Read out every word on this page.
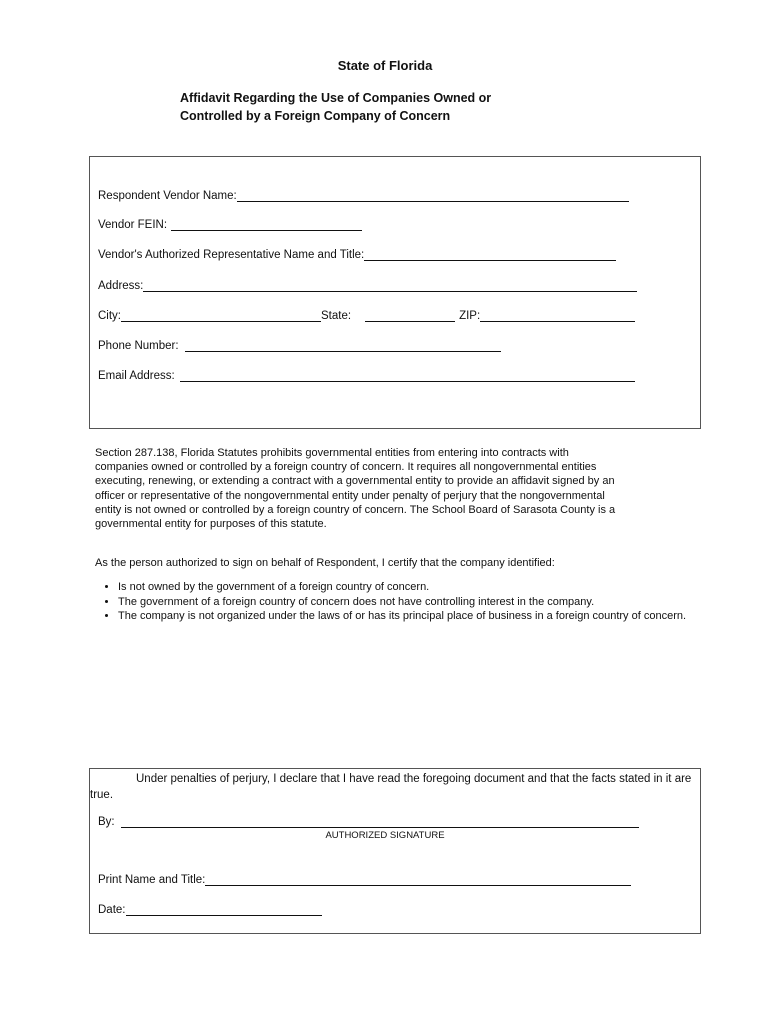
State of Florida
Affidavit Regarding the Use of Companies Owned or
Controlled by a Foreign Company of Concern
Respondent Vendor Name:
Vendor FEIN:
Vendor's Authorized Representative Name and Title:
Address:
City:	State:	ZIP:
Phone Number:
Email Address:
Section 287.138, Florida Statutes prohibits governmental entities from entering into contracts with
companies owned or controlled by a foreign country of concern. It requires all nongovernmental entities
executing, renewing, or extending a contract with a governmental entity to provide an affidavit signed by an
officer or representative of the nongovernmental entity under penalty of perjury that the nongovernmental
entity is not owned or controlled by a foreign country of concern. The School Board of Sarasota County is a
governmental entity for purposes of this statute.
As the person authorized to sign on behalf of Respondent, I certify that the company identified:
• Is not owned by the government of a foreign country of concern.
• The government of a foreign country of concern does not have controlling interest in the company.
• The company is not organized under the laws of or has its principal place of business in a foreign country of concern.
Under penalties of perjury, I declare that I have read the foregoing document and that the facts stated in it are true.
By:
AUTHORIZED SIGNATURE
Print Name and Title:
Date:
